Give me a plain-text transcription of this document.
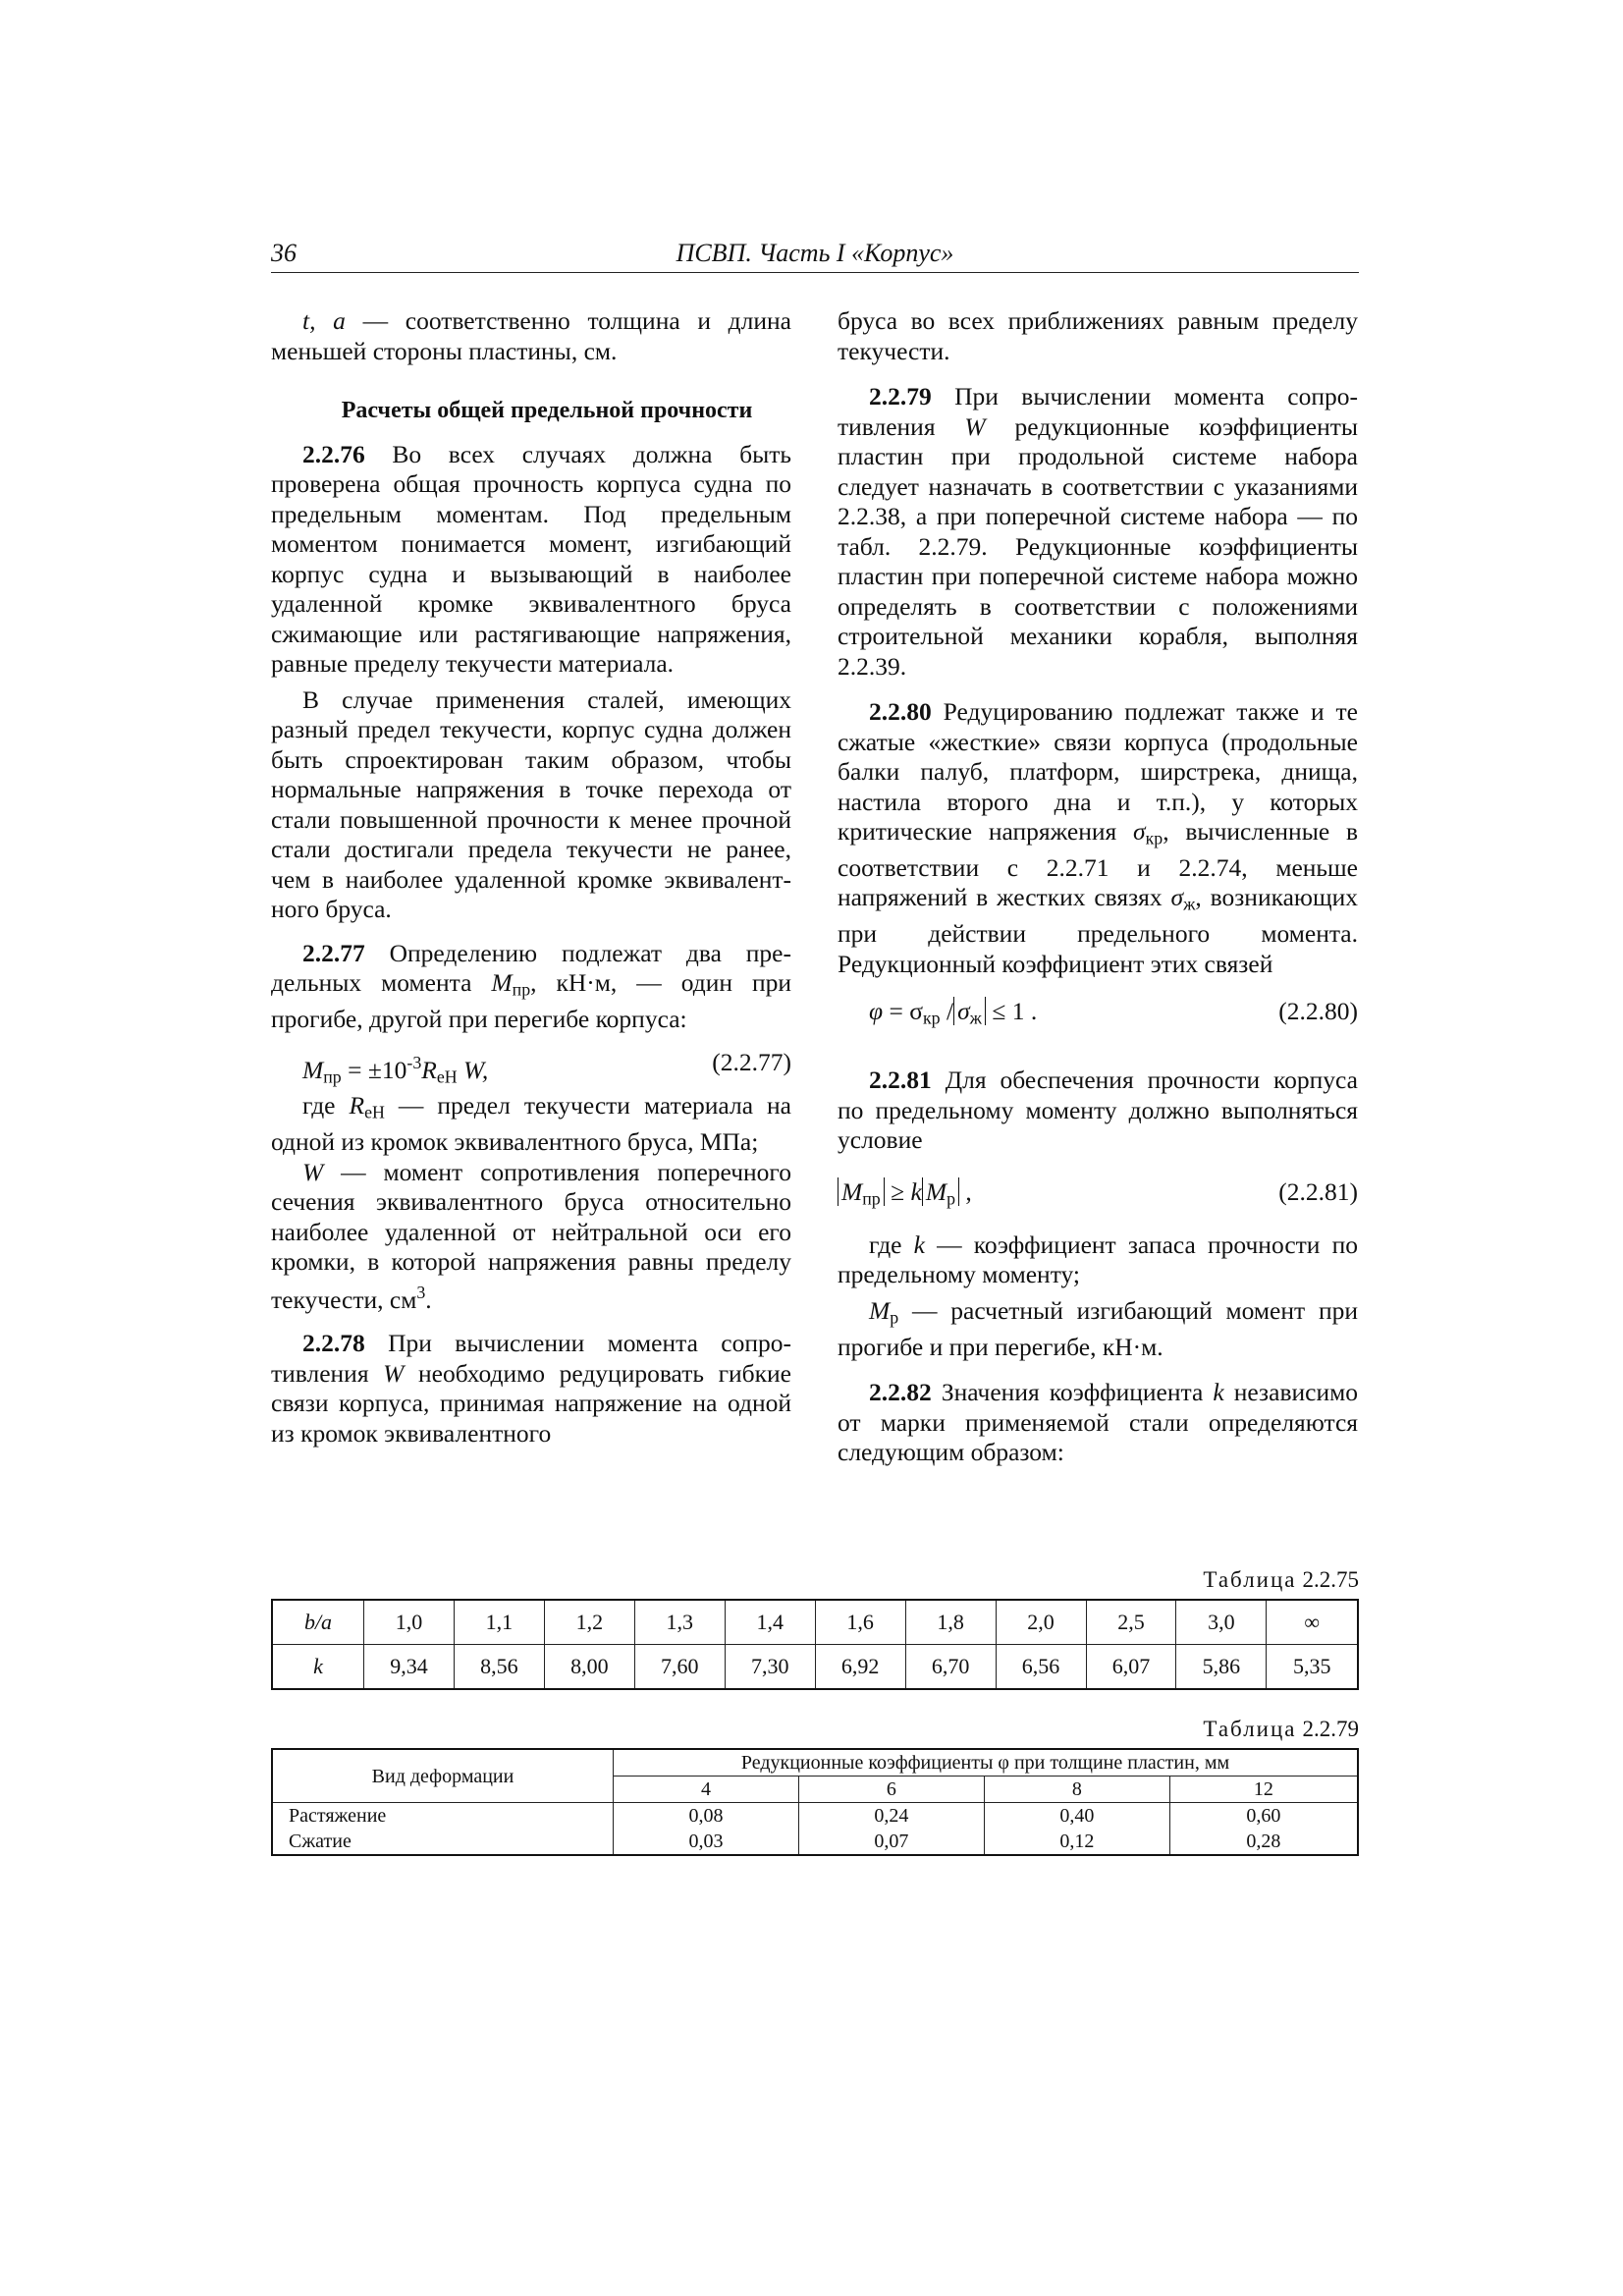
36	ПСВП. Часть I «Корпус»

t, a — соответственно толщина и длина меньшей стороны пластины, см.

Расчеты общей предельной прочности

2.2.76 Во всех случаях должна быть проверена общая прочность корпуса судна по предельным моментам. Под предельным моментом понимается момент, изгибающий корпус судна и вызывающий в наиболее удаленной кромке эквивалентного бруса сжимающие или растягивающие напряжения, равные пределу текучести материала.

В случае применения сталей, имеющих разный предел текучести, корпус судна должен быть спроектирован таким образом, чтобы нормальные напряжения в точке перехода от стали повышенной прочности к менее прочной стали достигали предела текучести не ранее, чем в наиболее удаленной кромке эквивалентного бруса.

2.2.77 Определению подлежат два предельных момента $M_{пр}$, кН·м, — один при прогибе, другой при перегибе корпуса:

$M_{пр} = \pm 10^{-3}R_{eH}$ W,	(2.2.77)

где $R_{eH}$ — предел текучести материала на одной из кромок эквивалентного бруса, МПа;

W — момент сопротивления поперечного сечения эквивалентного бруса относительно наиболее удаленной от нейтральной оси его кромки, в которой напряжения равны пределу текучести, $см^3$.

2.2.78 При вычислении момента сопротивления W необходимо редуцировать гибкие связи корпуса, принимая напряжение на одной из кромок эквивалентного

бруса во всех приближениях равным пределу текучести.

2.2.79 При вычислении момента сопротивления W редукционные коэффициенты пластин при продольной системе набора следует назначать в соответствии с указаниями 2.2.38, а при поперечной системе набора — по табл. 2.2.79. Редукционные коэффициенты пластин при поперечной системе набора можно определять в соответствии с положениями строительной механики корабля, выполняя 2.2.39.

2.2.80 Редуцированию подлежат также и те сжатые «жесткие» связи корпуса (продольные балки палуб, платформ, ширстрека, днища, настила второго дна и т.п.), у которых критические напряжения $\sigma_{кр}$, вычисленные в соответствии с 2.2.71 и 2.2.74, меньше напряжений в жестких связях $\sigma_ж$, возникающих при действии предельного момента. Редукционный коэффициент этих связей

$\varphi = \sigma_{кр} / \sigma_ж \le 1$ .	(2.2.80)

2.2.81 Для обеспечения прочности корпуса по предельному моменту должно выполняться условие

$M_{пр} \ge k$ $M_р$ ,	(2.2.81)

где k — коэффициент запаса прочности по предельному моменту;

$M_р$ — расчетный изгибающий момент при прогибе и при перегибе, кН·м.

2.2.82 Значения коэффициента k независимо от марки применяемой стали определяются следующим образом:

Таблица 2.2.75
b/a	1,0	1,1	1,2	1,3	1,4	1,6	1,8	2,0	2,5	3,0	∞
k	9,34	8,56	8,00	7,60	7,30	6,92	6,70	6,56	6,07	5,86	5,35
Таблица 2.2.79
Вид деформации	Редукционные коэффициенты φ при толщине пластин, мм			
	4	6	8	12
Растяжение	0,08	0,24	0,40	0,60
Сжатие	0,03	0,07	0,12	0,28
